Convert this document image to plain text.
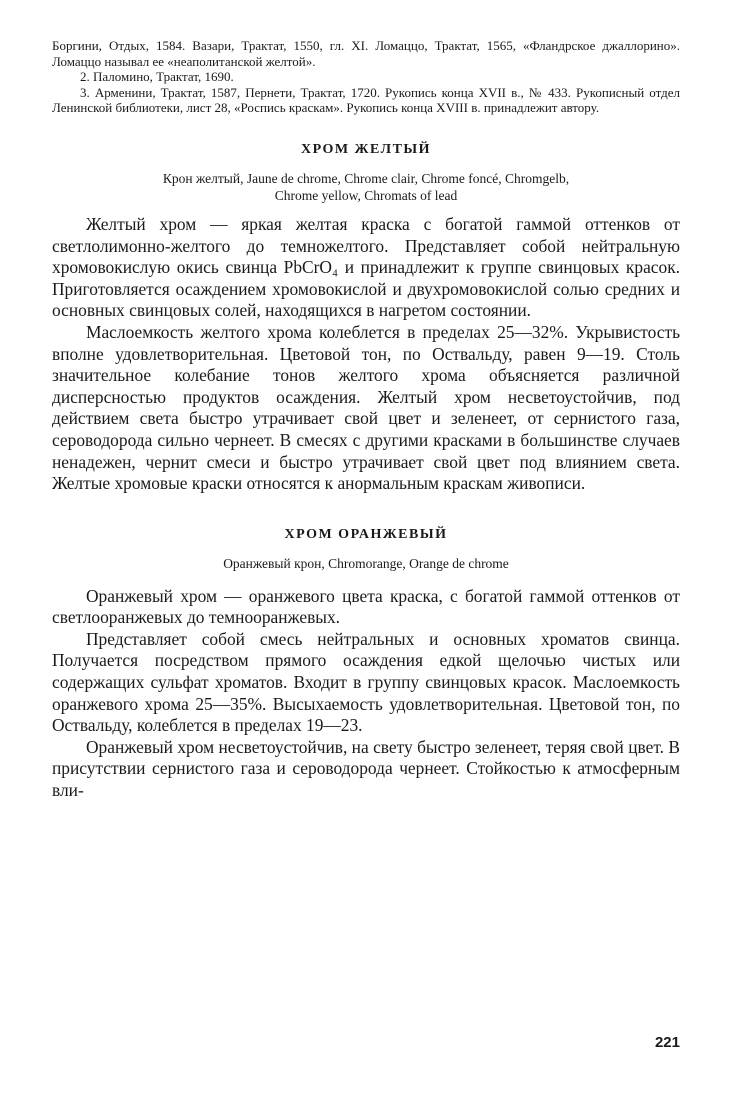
Боргини, Отдых, 1584. Вазари, Трактат, 1550, гл. XI. Ломаццо, Трактат, 1565, «Фландрское джаллорино». Ломаццо называл ее «неаполитанской желтой».

2. Паломино, Трактат, 1690.

3. Арменини, Трактат, 1587, Пернети, Трактат, 1720. Рукопись конца XVII в., № 433. Рукописный отдел Ленинской библиотеки, лист 28, «Роспись краскам». Рукопись конца XVIII в. принадлежит автору.

ХРОМ ЖЕЛТЫЙ

Крон желтый, Jaune de chrome, Chrome clair, Chrome foncé, Chromgelb, Chrome yellow, Chromats of lead

Желтый хром — яркая желтая краска с богатой гаммой оттенков от светлолимонно-желтого до темножелтого. Представляет собой нейтральную хромовокислую окись свинца PbCrO₄ и принадлежит к группе свинцовых красок. Приготовляется осаждением хромовокислой и двухромовокислой солью средних и основных свинцовых солей, находящихся в нагретом состоянии.

Маслоемкость желтого хрома колеблется в пределах 25—32%. Укрывистость вполне удовлетворительная. Цветовой тон, по Оствальду, равен 9—19. Столь значительное колебание тонов желтого хрома объясняется различной дисперсностью продуктов осаждения. Желтый хром несветоустойчив, под действием света быстро утрачивает свой цвет и зеленеет, от сернистого газа, сероводорода сильно чернеет. В смесях с другими красками в большинстве случаев ненадежен, чернит смеси и быстро утрачивает свой цвет под влиянием света. Желтые хромовые краски относятся к анормальным краскам живописи.

ХРОМ ОРАНЖЕВЫЙ

Оранжевый крон, Chromorange, Orange de chrome

Оранжевый хром — оранжевого цвета краска, с богатой гаммой оттенков от светлооранжевых до темнооранжевых.

Представляет собой смесь нейтральных и основных хроматов свинца. Получается посредством прямого осаждения едкой щелочью чистых или содержащих сульфат хроматов. Входит в группу свинцовых красок. Маслоемкость оранжевого хрома 25—35%. Высыхаемость удовлетворительная. Цветовой тон, по Оствальду, колеблется в пределах 19—23.

Оранжевый хром несветоустойчив, на свету быстро зеленеет, теряя свой цвет. В присутствии сернистого газа и сероводорода чернеет. Стойкостью к атмосферным вли-

221
